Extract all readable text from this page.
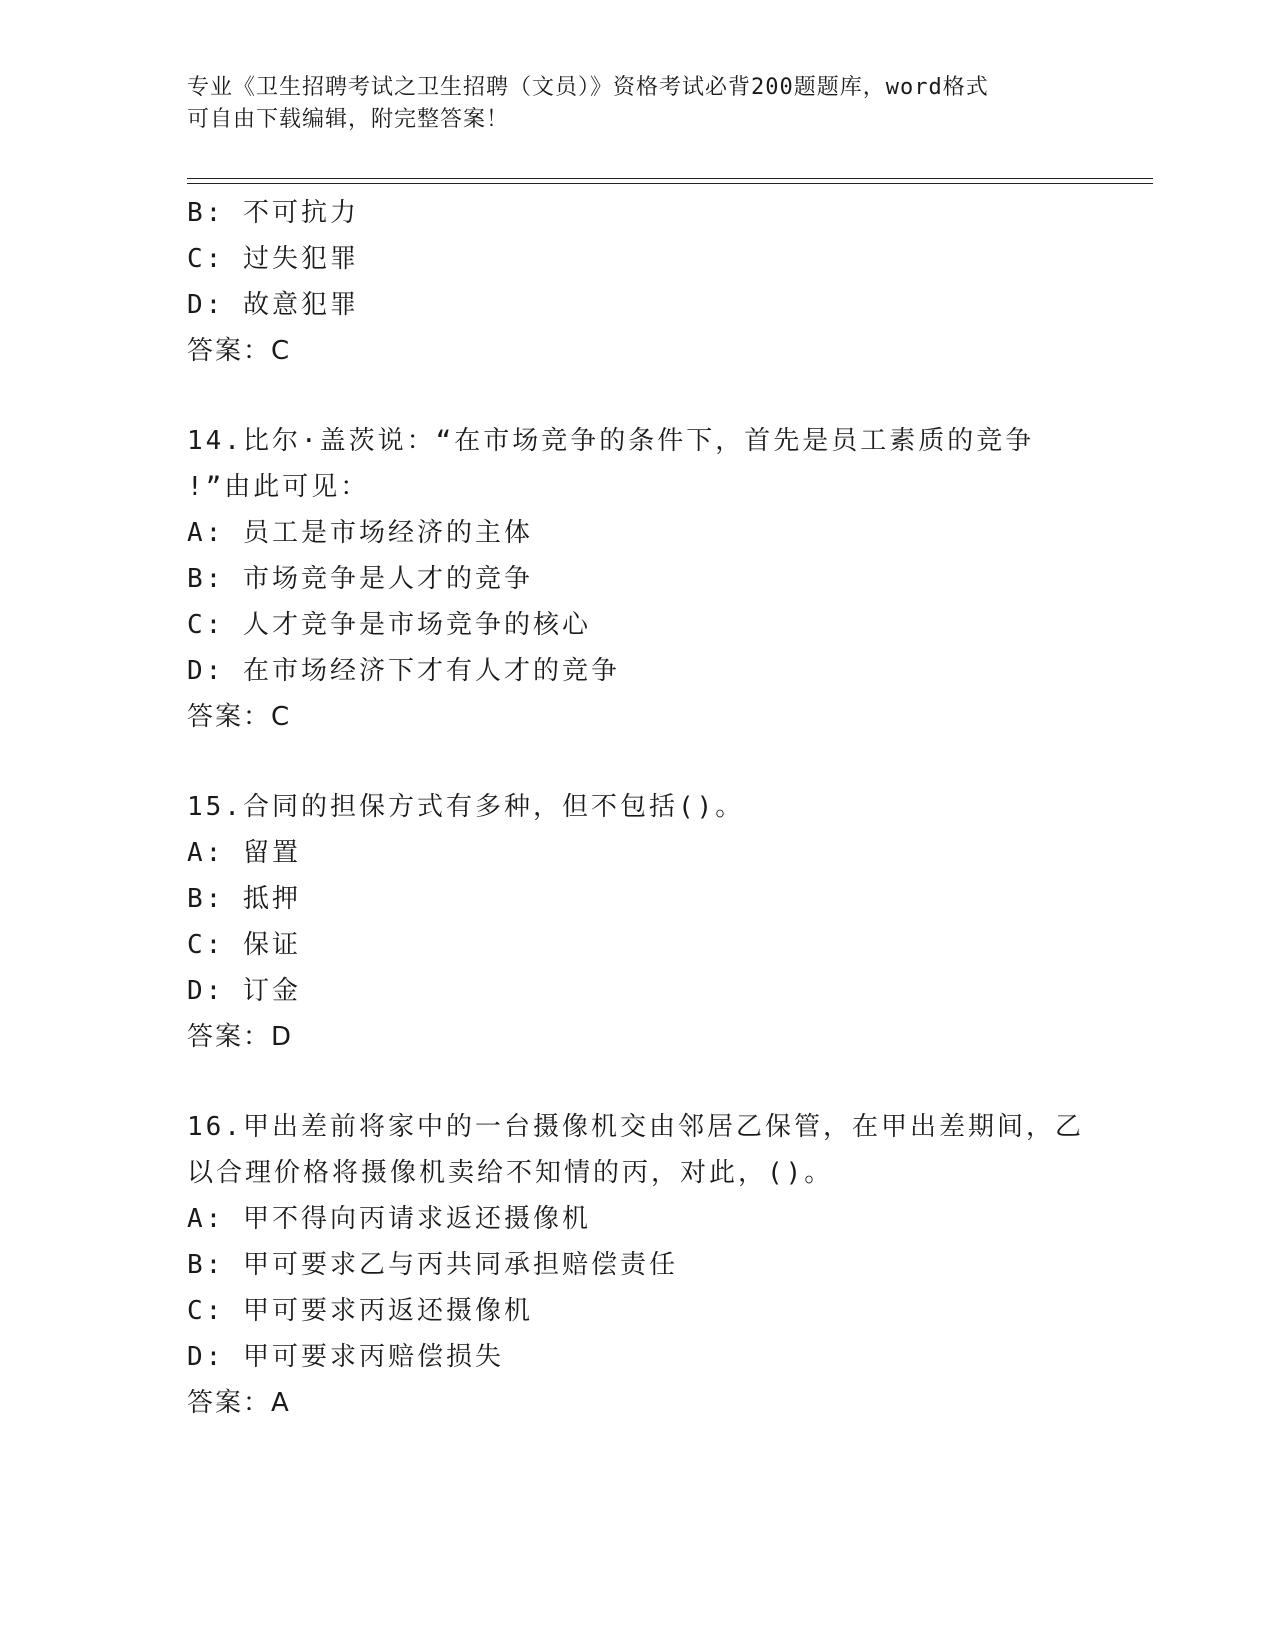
专业《卫生招聘考试之卫生招聘（文员）》资格考试必背200题题库，word格式
可自由下载编辑，附完整答案！
B: 不可抗力
C: 过失犯罪
D: 故意犯罪
答案：C
14.比尔·盖茨说：“在市场竞争的条件下，首先是员工素质的竞争
!”由此可见：
A: 员工是市场经济的主体
B: 市场竞争是人才的竞争
C: 人才竞争是市场竞争的核心
D: 在市场经济下才有人才的竞争
答案：C
15.合同的担保方式有多种，但不包括()。
A: 留置
B: 抵押
C: 保证
D: 订金
答案：D
16.甲出差前将家中的一台摄像机交由邻居乙保管，在甲出差期间，乙
以合理价格将摄像机卖给不知情的丙，对此，()。
A: 甲不得向丙请求返还摄像机
B: 甲可要求乙与丙共同承担赔偿责任
C: 甲可要求丙返还摄像机
D: 甲可要求丙赔偿损失
答案：A
